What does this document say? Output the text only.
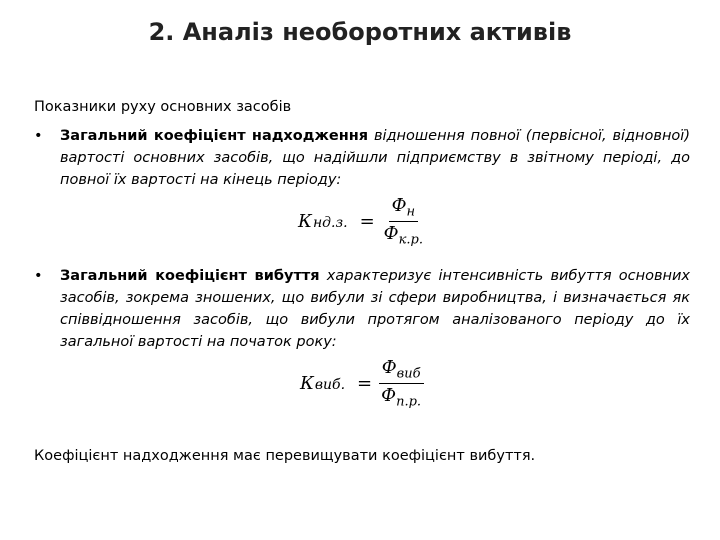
2. Аналіз необоротних активів
Показники руху основних засобів
• Загальний коефіцієнт надходження відношення повної (первісної, відновної) вартості основних засобів, що надійшли підприємству в звітному періоді, до повної їх вартості на кінець періоду:
К нд.з. = $\frac{Ф_н}{Ф_{к.р.}}$
• Загальний коефіцієнт вибуття характеризує інтенсивність вибуття основних засобів, зокрема зношених, що вибули зі сфери виробництва, і визначається як співвідношення засобів, що вибули протягом аналізованого періоду до їх загальної вартості на початок року:
К виб. = $\frac{Ф_{виб}}{Ф_{п.р.}}$
Коефіцієнт надходження має перевищувати коефіцієнт вибуття.
